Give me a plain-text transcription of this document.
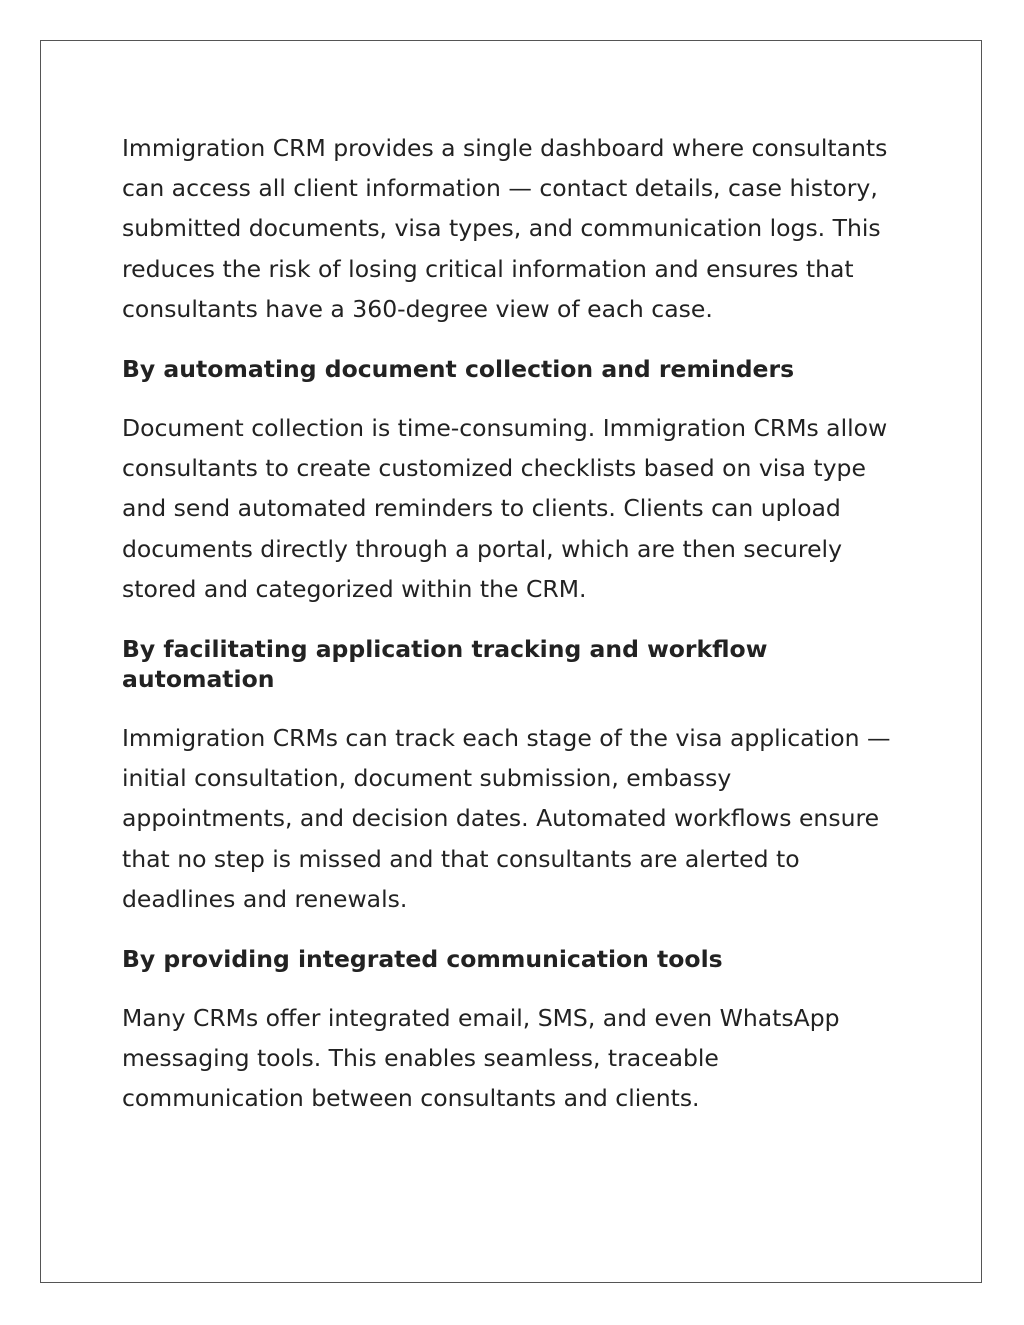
Immigration CRM provides a single dashboard where consultants can access all client information — contact details, case history, submitted documents, visa types, and communication logs. This reduces the risk of losing critical information and ensures that consultants have a 360-degree view of each case.

By automating document collection and reminders

Document collection is time-consuming. Immigration CRMs allow consultants to create customized checklists based on visa type and send automated reminders to clients. Clients can upload documents directly through a portal, which are then securely stored and categorized within the CRM.

By facilitating application tracking and workflow automation

Immigration CRMs can track each stage of the visa application — initial consultation, document submission, embassy appointments, and decision dates. Automated workflows ensure that no step is missed and that consultants are alerted to deadlines and renewals.

By providing integrated communication tools

Many CRMs offer integrated email, SMS, and even WhatsApp messaging tools. This enables seamless, traceable communication between consultants and clients.
